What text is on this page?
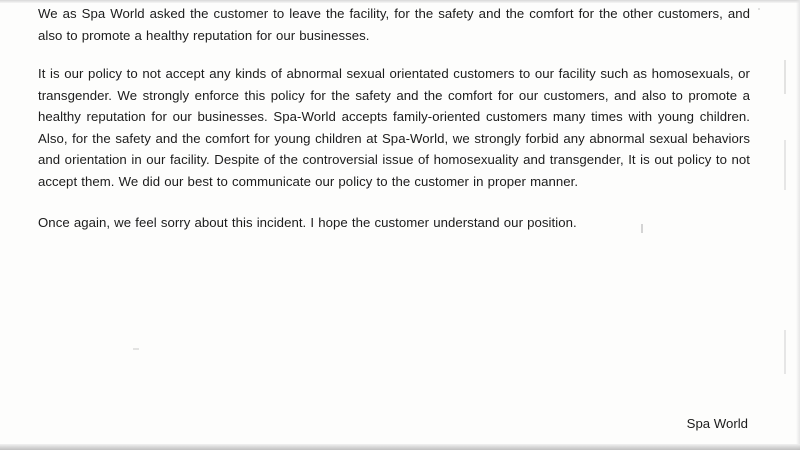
We as Spa World asked the customer to leave the facility, for the safety and the comfort for the other customers, and also to promote a healthy reputation for our businesses.

It is our policy to not accept any kinds of abnormal sexual orientated customers to our facility such as homosexuals, or transgender. We strongly enforce this policy for the safety and the comfort for our customers, and also to promote a healthy reputation for our businesses. Spa-World accepts family-oriented customers many times with young children. Also, for the safety and the comfort for young children at Spa-World, we strongly forbid any abnormal sexual behaviors and orientation in our facility. Despite of the controversial issue of homosexuality and transgender, It is out policy to not accept them. We did our best to communicate our policy to the customer in proper manner.

Once again, we feel sorry about this incident. I hope the customer understand our position.

Spa World
